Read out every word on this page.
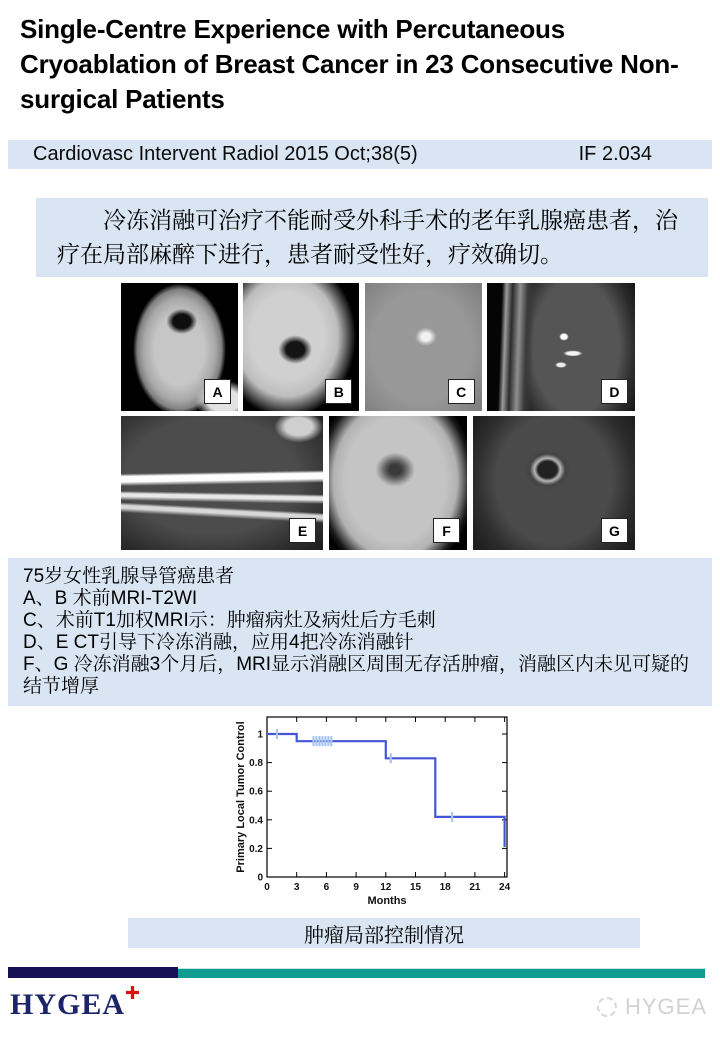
Single-Centre Experience with Percutaneous Cryoablation of Breast Cancer in 23 Consecutive Non-surgical Patients
Cardiovasc Intervent Radiol 2015 Oct;38(5)	IF 2.034
冷冻消融可治疗不能耐受外科手术的老年乳腺癌患者，治疗在局部麻醉下进行，患者耐受性好，疗效确切。
A	B	C	D
E	F	G
75岁女性乳腺导管癌患者
A、B 术前MRI-T2WI
C、术前T1加权MRI示：肿瘤病灶及病灶后方毛刺
D、E CT引导下冷冻消融，应用4把冷冻消融针
F、G 冷冻消融3个月后，MRI显示消融区周围无存活肿瘤，消融区内未见可疑的结节增厚
0 3 6 9 12 15 18 21 24
0
0.2
0.4
0.6
0.8
1
Months
Primary Local Tumor Control
肿瘤局部控制情况
HYGEA	HYGEA
